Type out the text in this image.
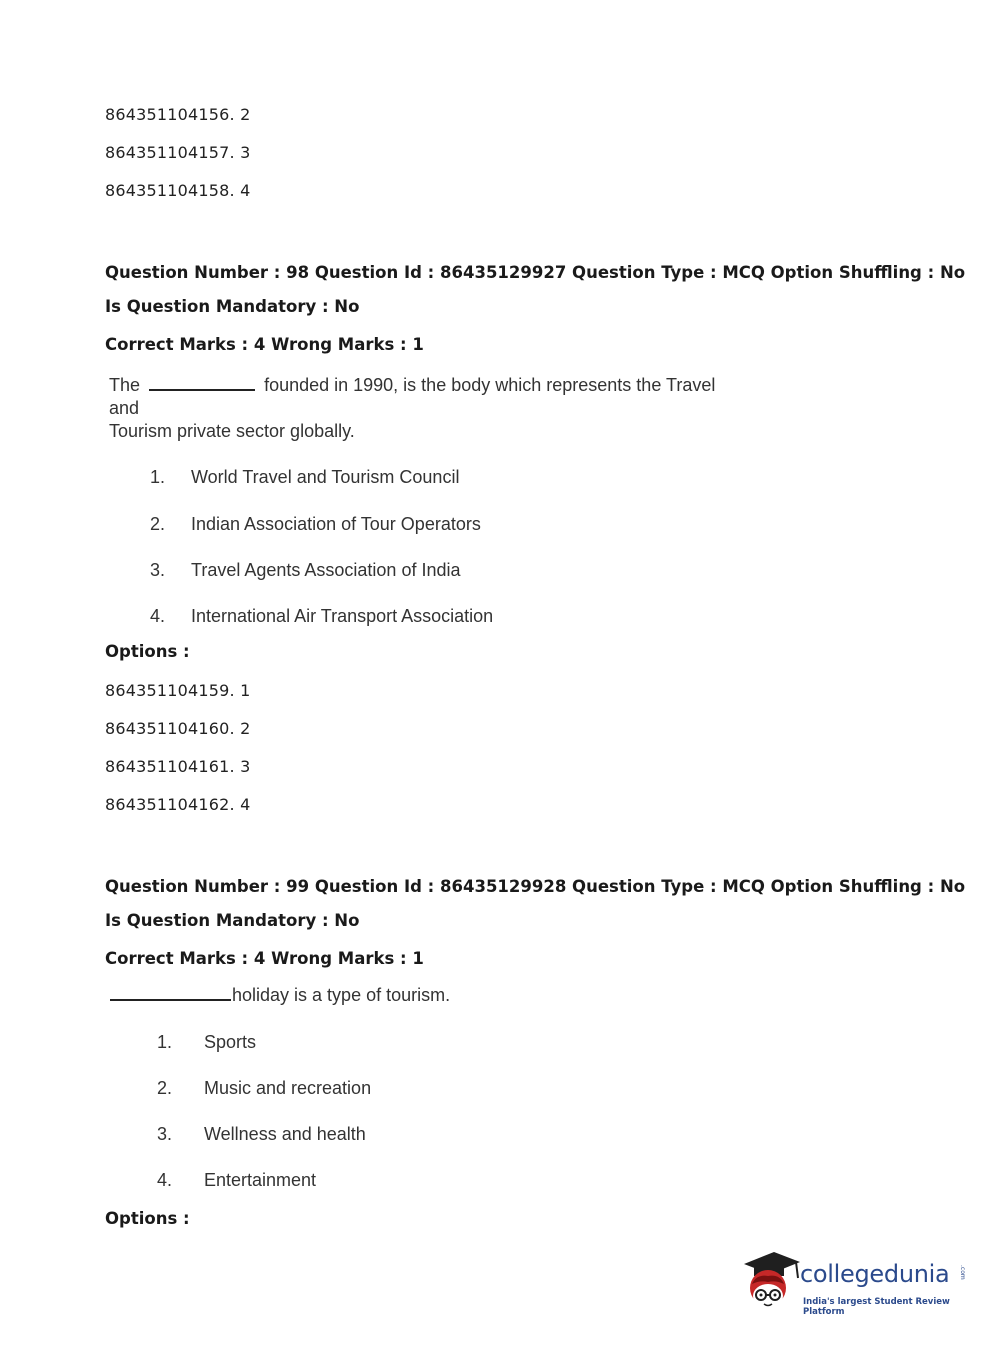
864351104156. 2
864351104157. 3
864351104158. 4
Question Number : 98 Question Id : 86435129927 Question Type : MCQ Option Shuffling : No
Is Question Mandatory : No
Correct Marks : 4 Wrong Marks : 1
The	founded in 1990, is the body which represents the Travel
and
Tourism private sector globally.
1. World Travel and Tourism Council
2. Indian Association of Tour Operators
3. Travel Agents Association of India
4. International Air Transport Association
Options :
864351104159. 1
864351104160. 2
864351104161. 3
864351104162. 4
Question Number : 99 Question Id : 86435129928 Question Type : MCQ Option Shuffling : No
Is Question Mandatory : No
Correct Marks : 4 Wrong Marks : 1
holiday is a type of tourism.
1. Sports
2. Music and recreation
3. Wellness and health
4. Entertainment
Options :
collegedunia .com
India's largest Student Review Platform
